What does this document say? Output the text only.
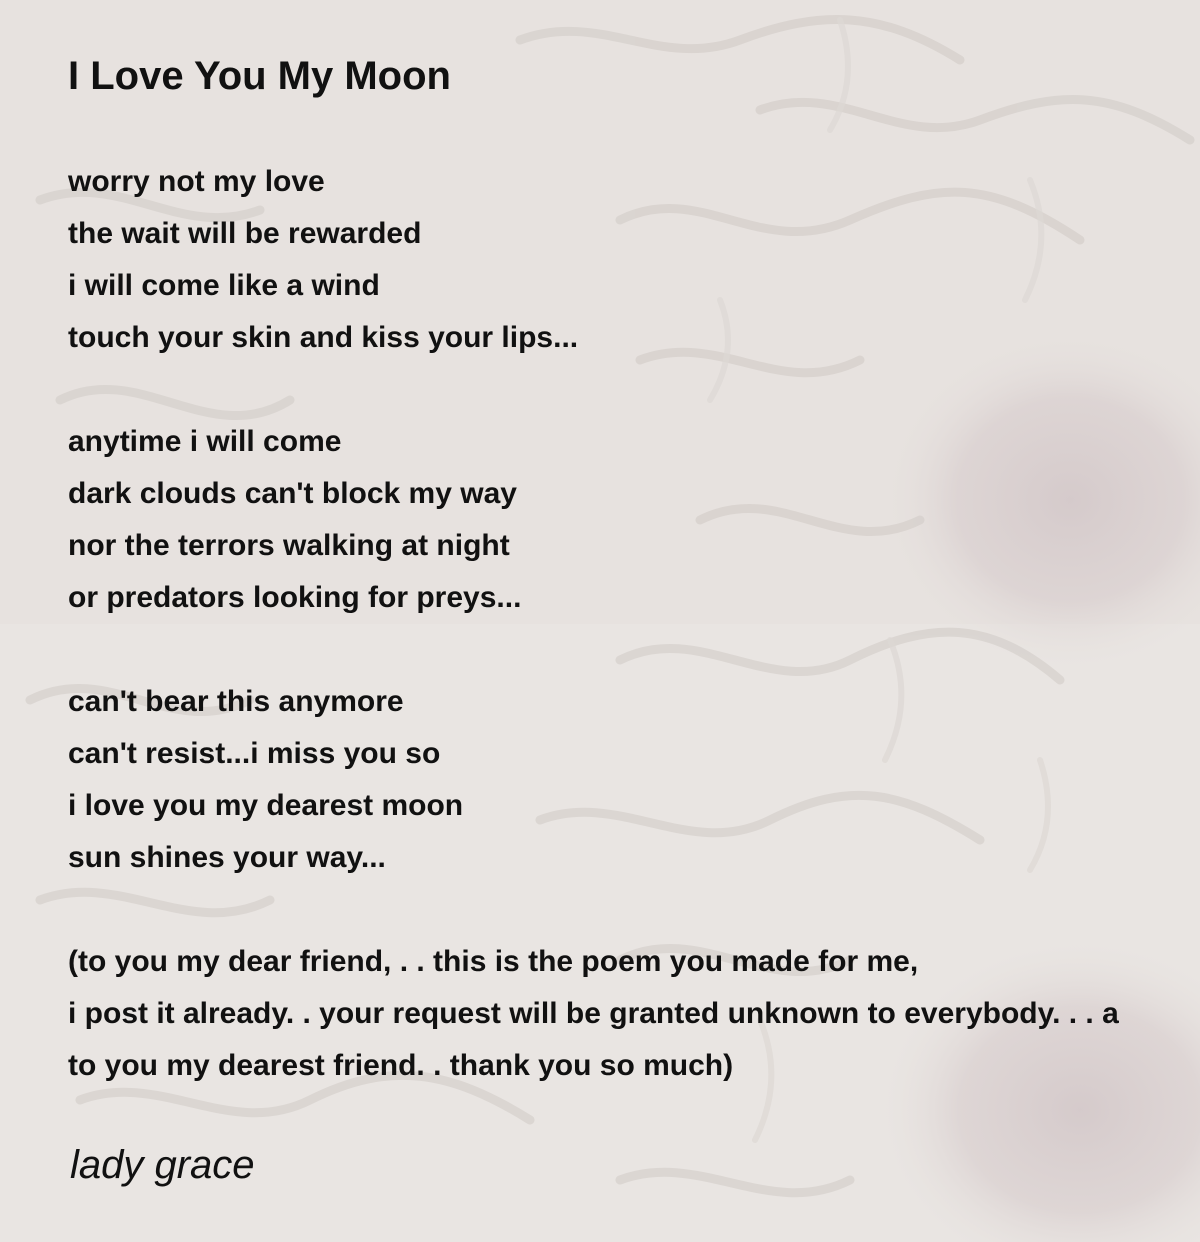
I Love You My Moon
worry not my love
the wait will be rewarded
i will come like a wind
touch your skin and kiss your lips...
anytime i will come
dark clouds can't block my way
nor the terrors walking at night
or predators looking for preys...
can't bear this anymore
can't resist...i miss you so
i love you my dearest moon
sun shines your way...
(to you my dear friend, . . this is the poem you made for me,
i post it already. . your request will be granted unknown to everybody. . . a
to you my dearest friend. . thank you so much)

lady grace
